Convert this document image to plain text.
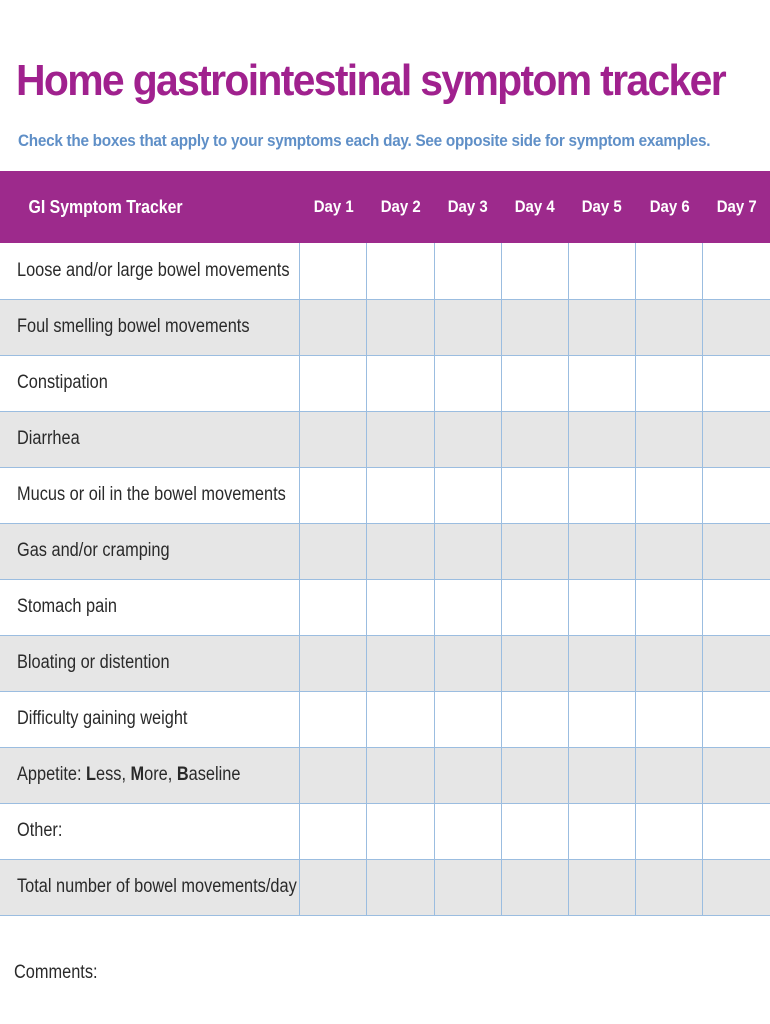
Home gastrointestinal symptom tracker

Check the boxes that apply to your symptoms each day. See opposite side for symptom examples.

GI Symptom Tracker	Day 1	Day 2	Day 3	Day 4	Day 5	Day 6	Day 7
Loose and/or large bowel movements							
Foul smelling bowel movements							
Constipation							
Diarrhea							
Mucus or oil in the bowel movements							
Gas and/or cramping							
Stomach pain							
Bloating or distention							
Difficulty gaining weight							
Appetite: Less, More, Baseline							
Other:							
Total number of bowel movements/day							
Comments:
